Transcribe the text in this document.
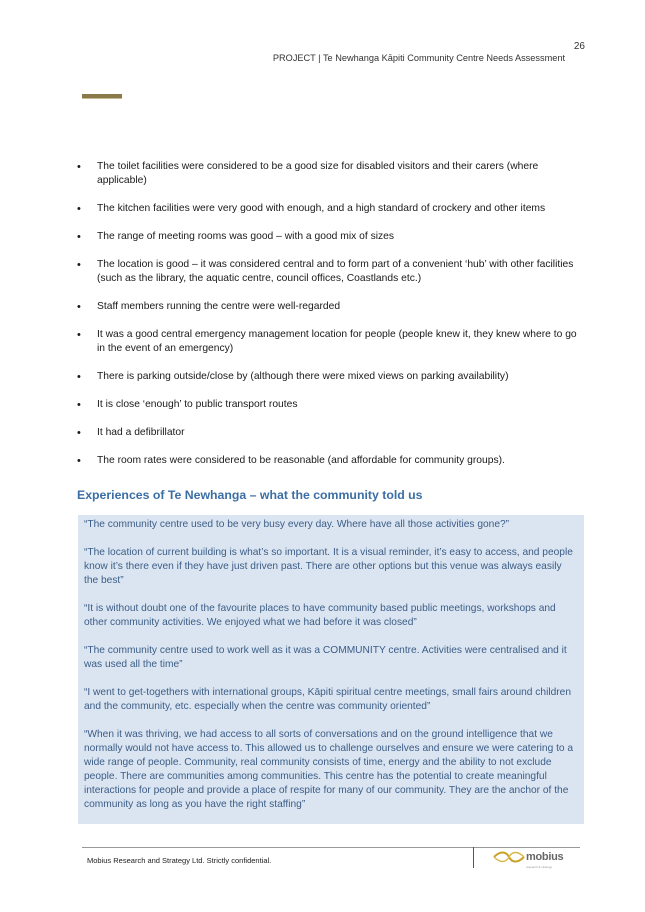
26
PROJECT | Te Newhanga Kāpiti Community Centre Needs Assessment
• The toilet facilities were considered to be a good size for disabled visitors and their carers (where applicable)
• The kitchen facilities were very good with enough, and a high standard of crockery and other items
• The range of meeting rooms was good – with a good mix of sizes
• The location is good – it was considered central and to form part of a convenient ‘hub’ with other facilities (such as the library, the aquatic centre, council offices, Coastlands etc.)
• Staff members running the centre were well-regarded
• It was a good central emergency management location for people (people knew it, they knew where to go in the event of an emergency)
• There is parking outside/close by (although there were mixed views on parking availability)
• It is close ‘enough’ to public transport routes
• It had a defibrillator
• The room rates were considered to be reasonable (and affordable for community groups).
Experiences of Te Newhanga – what the community told us

“The community centre used to be very busy every day. Where have all those activities gone?”

“The location of current building is what’s so important. It is a visual reminder, it’s easy to access, and people know it’s there even if they have just driven past. There are other options but this venue was always easily the best”

“It is without doubt one of the favourite places to have community based public meetings, workshops and other community activities. We enjoyed what we had before it was closed”

“The community centre used to work well as it was a COMMUNITY centre. Activities were centralised and it was used all the time”

“I went to get-togethers with international groups, Kāpiti spiritual centre meetings, small fairs around children and the community, etc. especially when the centre was community oriented”

“When it was thriving, we had access to all sorts of conversations and on the ground intelligence that we normally would not have access to. This allowed us to challenge ourselves and ensure we were catering to a wide range of people. Community, real community consists of time, energy and the ability to not exclude people. There are communities among communities. This centre has the potential to create meaningful interactions for people and provide a place of respite for many of our community. They are the anchor of the community as long as you have the right staffing”

Mobius Research and Strategy Ltd. Strictly confidential.	mobius
research & strategy
